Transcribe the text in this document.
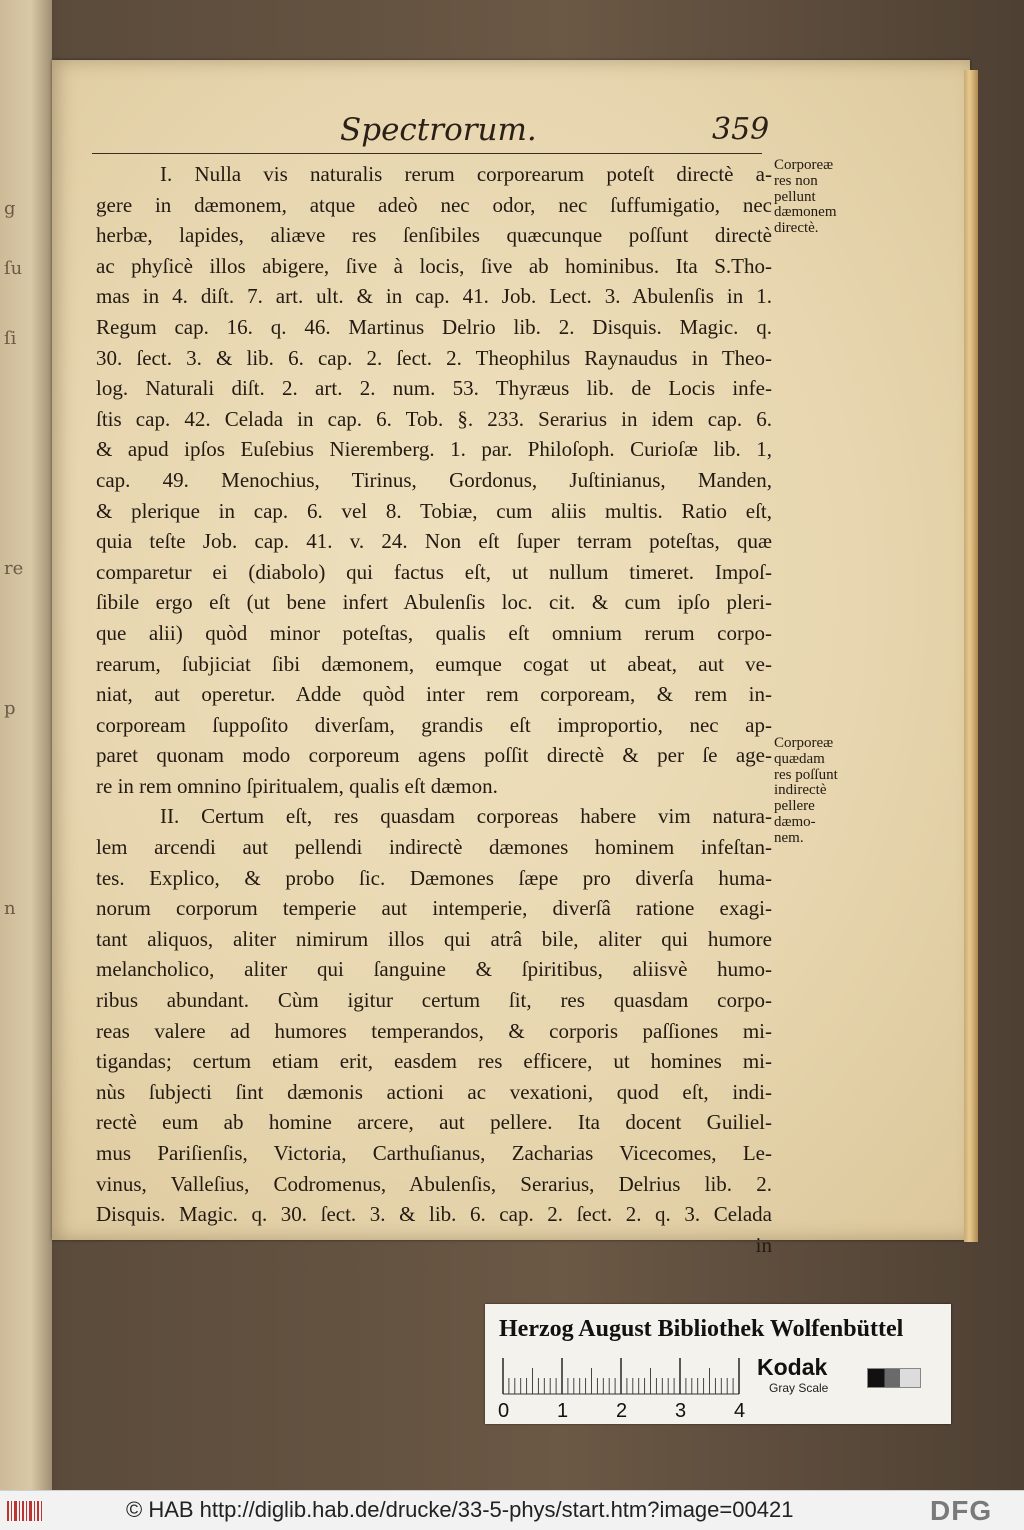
g
ſu
ſi
re
p
n
Spectrorum.	359
I. Nulla vis naturalis rerum corporearum poteſt directè a-
gere in dæmonem, atque adeò nec odor, nec ſuffumigatio, nec
herbæ, lapides, aliæve res ſenſibiles quæcunque poſſunt directè
ac phyſicè illos abigere, ſive à locis, ſive ab hominibus. Ita S.Tho-
mas in 4. diſt. 7. art. ult. & in cap. 41. Job. Lect. 3. Abulenſis in 1.
Regum cap. 16. q. 46. Martinus Delrio lib. 2. Disquis. Magic. q.
30. ſect. 3. & lib. 6. cap. 2. ſect. 2. Theophilus Raynaudus in Theo-
log. Naturali diſt. 2. art. 2. num. 53. Thyræus lib. de Locis infe-
ſtis cap. 42. Celada in cap. 6. Tob. §. 233. Serarius in idem cap. 6.
& apud ipſos Euſebius Nieremberg. 1. par. Philoſoph. Curioſæ lib. 1,
cap. 49. Menochius, Tirinus, Gordonus, Juſtinianus, Manden,
& plerique in cap. 6. vel 8. Tobiæ, cum aliis multis. Ratio eſt,
quia teſte Job. cap. 41. v. 24. Non eſt ſuper terram poteſtas, quæ
comparetur ei (diabolo) qui factus eſt, ut nullum timeret. Impoſ-
ſibile ergo eſt (ut bene infert Abulenſis loc. cit. & cum ipſo pleri-
que alii) quòd minor poteſtas, qualis eſt omnium rerum corpo-
rearum, ſubjiciat ſibi dæmonem, eumque cogat ut abeat, aut ve-
niat, aut operetur. Adde quòd inter rem corpoream, & rem in-
corpoream ſuppoſito diverſam, grandis eſt improportio, nec ap-
paret quonam modo corporeum agens poſſit directè & per ſe age-
re in rem omnino ſpiritualem, qualis eſt dæmon.
II. Certum eſt, res quasdam corporeas habere vim natura-
lem arcendi aut pellendi indirectè dæmones hominem infeſtan-
tes. Explico, & probo ſic. Dæmones ſæpe pro diverſa huma-
norum corporum temperie aut intemperie, diverſâ ratione exagi-
tant aliquos, aliter nimirum illos qui atrâ bile, aliter qui humore
melancholico, aliter qui ſanguine & ſpiritibus, aliisvè humo-
ribus abundant. Cùm igitur certum ſit, res quasdam corpo-
reas valere ad humores temperandos, & corporis paſſiones mi-
tigandas; certum etiam erit, easdem res efficere, ut homines mi-
nùs ſubjecti ſint dæmonis actioni ac vexationi, quod eſt, indi-
rectè eum ab homine arcere, aut pellere. Ita docent Guiliel-
mus Pariſienſis, Victoria, Carthuſianus, Zacharias Vicecomes, Le-
vinus, Valleſius, Codromenus, Abulenſis, Serarius, Delrius lib. 2.
Disquis. Magic. q. 30. ſect. 3. & lib. 6. cap. 2. ſect. 2. q. 3. Celada
in
Corporeæ
res non
pellunt
dæmonem
directè.
Corporeæ
quædam
res poſſunt
indirectè
pellere
dæmo-
nem.
Herzog August Bibliothek Wolfenbüttel
0 1 2 3 4
Kodak
Gray Scale
© HAB http://diglib.hab.de/drucke/33-5-phys/start.htm?image=00421	DFG
